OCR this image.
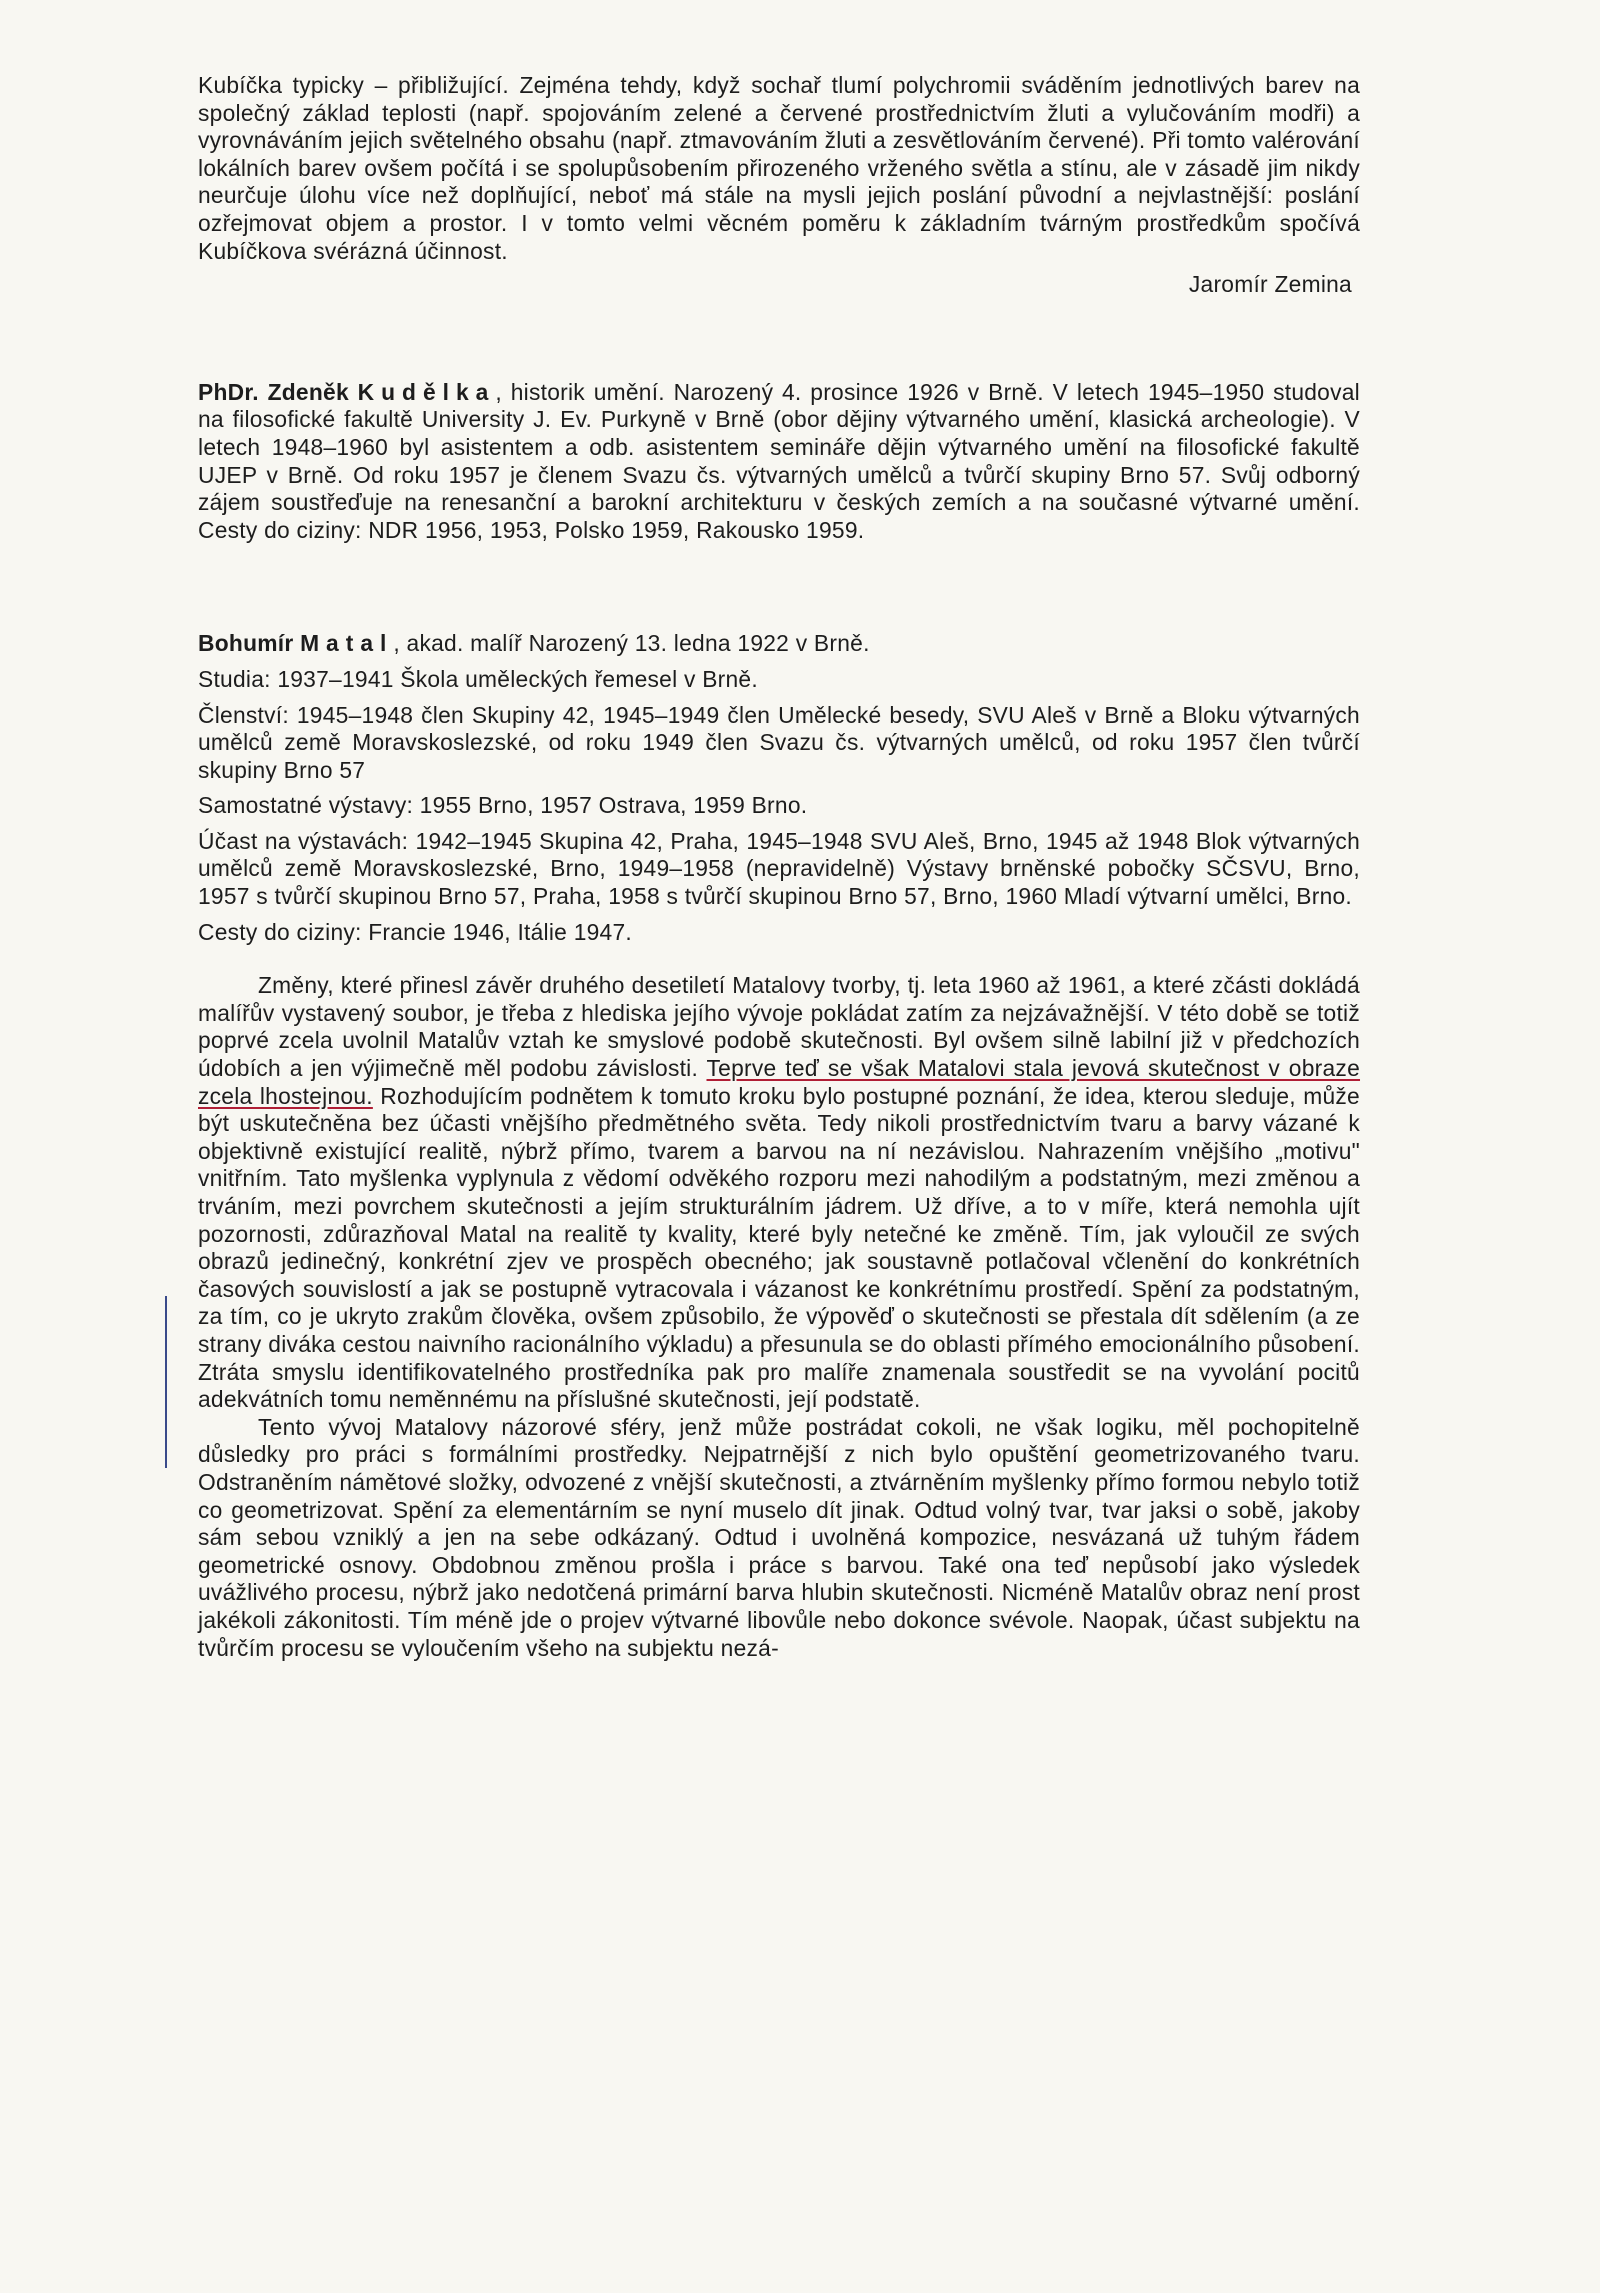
Kubíčka typicky – přibližující. Zejména tehdy, když sochař tlumí polychromii sváděním jednotlivých barev na společný základ teplosti (např. spojováním zelené a červené prostřednictvím žluti a vylučováním modři) a vyrovnáváním jejich světelného obsahu (např. ztmavováním žluti a zesvětlováním červené). Při tomto valérování lokálních barev ovšem počítá i se spolupůsobením přirozeného vrženého světla a stínu, ale v zásadě jim nikdy neurčuje úlohu více než doplňující, neboť má stále na mysli jejich poslání původní a nejvlastnější: poslání ozřejmovat objem a prostor. I v tomto velmi věcném poměru k základním tvárným prostředkům spočívá Kubíčkova svérázná účinnost.

Jaromír Zemina

PhDr. Zdeněk Kudělka, historik umění. Narozený 4. prosince 1926 v Brně. V letech 1945–1950 studoval na filosofické fakultě University J. Ev. Purkyně v Brně (obor dějiny výtvarného umění, klasická archeologie). V letech 1948–1960 byl asistentem a odb. asistentem semináře dějin výtvarného umění na filosofické fakultě UJEP v Brně. Od roku 1957 je členem Svazu čs. výtvarných umělců a tvůrčí skupiny Brno 57. Svůj odborný zájem soustřeďuje na renesanční a barokní architekturu v českých zemích a na současné výtvarné umění. Cesty do ciziny: NDR 1956, 1953, Polsko 1959, Rakousko 1959.

Bohumír Matal, akad. malíř Narozený 13. ledna 1922 v Brně.

Studia: 1937–1941 Škola uměleckých řemesel v Brně.

Členství: 1945–1948 člen Skupiny 42, 1945–1949 člen Umělecké besedy, SVU Aleš v Brně a Bloku výtvarných umělců země Moravskoslezské, od roku 1949 člen Svazu čs. výtvarných umělců, od roku 1957 člen tvůrčí skupiny Brno 57

Samostatné výstavy: 1955 Brno, 1957 Ostrava, 1959 Brno.

Účast na výstavách: 1942–1945 Skupina 42, Praha, 1945–1948 SVU Aleš, Brno, 1945 až 1948 Blok výtvarných umělců země Moravskoslezské, Brno, 1949–1958 (nepravidelně) Výstavy brněnské pobočky SČSVU, Brno, 1957 s tvůrčí skupinou Brno 57, Praha, 1958 s tvůrčí skupinou Brno 57, Brno, 1960 Mladí výtvarní umělci, Brno.

Cesty do ciziny: Francie 1946, Itálie 1947.

Změny, které přinesl závěr druhého desetiletí Matalovy tvorby, tj. leta 1960 až 1961, a které zčásti dokládá malířův vystavený soubor, je třeba z hlediska jejího vývoje pokládat zatím za nejzávažnější. V této době se totiž poprvé zcela uvolnil Matalův vztah ke smyslové podobě skutečnosti. Byl ovšem silně labilní již v předchozích údobích a jen výjimečně měl podobu závislosti. Teprve teď se však Matalovi stala jevová skutečnost v obraze zcela lhostejnou. Rozhodujícím podnětem k tomuto kroku bylo postupné poznání, že idea, kterou sleduje, může být uskutečněna bez účasti vnějšího předmětného světa. Tedy nikoli prostřednictvím tvaru a barvy vázané k objektivně existující realitě, nýbrž přímo, tvarem a barvou na ní nezávislou. Nahrazením vnějšího „motivu" vnitřním. Tato myšlenka vyplynula z vědomí odvěkého rozporu mezi nahodilým a podstatným, mezi změnou a trváním, mezi povrchem skutečnosti a jejím strukturálním jádrem. Už dříve, a to v míře, která nemohla ujít pozornosti, zdůrazňoval Matal na realitě ty kvality, které byly netečné ke změně. Tím, jak vyloučil ze svých obrazů jedinečný, konkrétní zjev ve prospěch obecného; jak soustavně potlačoval včlenění do konkrétních časových souvislostí a jak se postupně vytracovala i vázanost ke konkrétnímu prostředí. Spění za podstatným, za tím, co je ukryto zrakům člověka, ovšem způsobilo, že výpověď o skutečnosti se přestala dít sdělením (a ze strany diváka cestou naivního racionálního výkladu) a přesunula se do oblasti přímého emocionálního působení. Ztráta smyslu identifikovatelného prostředníka pak pro malíře znamenala soustředit se na vyvolání pocitů adekvátních tomu neměnnému na příslušné skutečnosti, její podstatě.

Tento vývoj Matalovy názorové sféry, jenž může postrádat cokoli, ne však logiku, měl pochopitelně důsledky pro práci s formálními prostředky. Nejpatrnější z nich bylo opuštění geometrizovaného tvaru. Odstraněním námětové složky, odvozené z vnější skutečnosti, a ztvárněním myšlenky přímo formou nebylo totiž co geometrizovat. Spění za elementárním se nyní muselo dít jinak. Odtud volný tvar, tvar jaksi o sobě, jakoby sám sebou vzniklý a jen na sebe odkázaný. Odtud i uvolněná kompozice, nesvázaná už tuhým řádem geometrické osnovy. Obdobnou změnou prošla i práce s barvou. Také ona teď nepůsobí jako výsledek uvážlivého procesu, nýbrž jako nedotčená primární barva hlubin skutečnosti. Nicméně Matalův obraz není prost jakékoli zákonitosti. Tím méně jde o projev výtvarné libovůle nebo dokonce svévole. Naopak, účast subjektu na tvůrčím procesu se vyloučením všeho na subjektu nezá-
